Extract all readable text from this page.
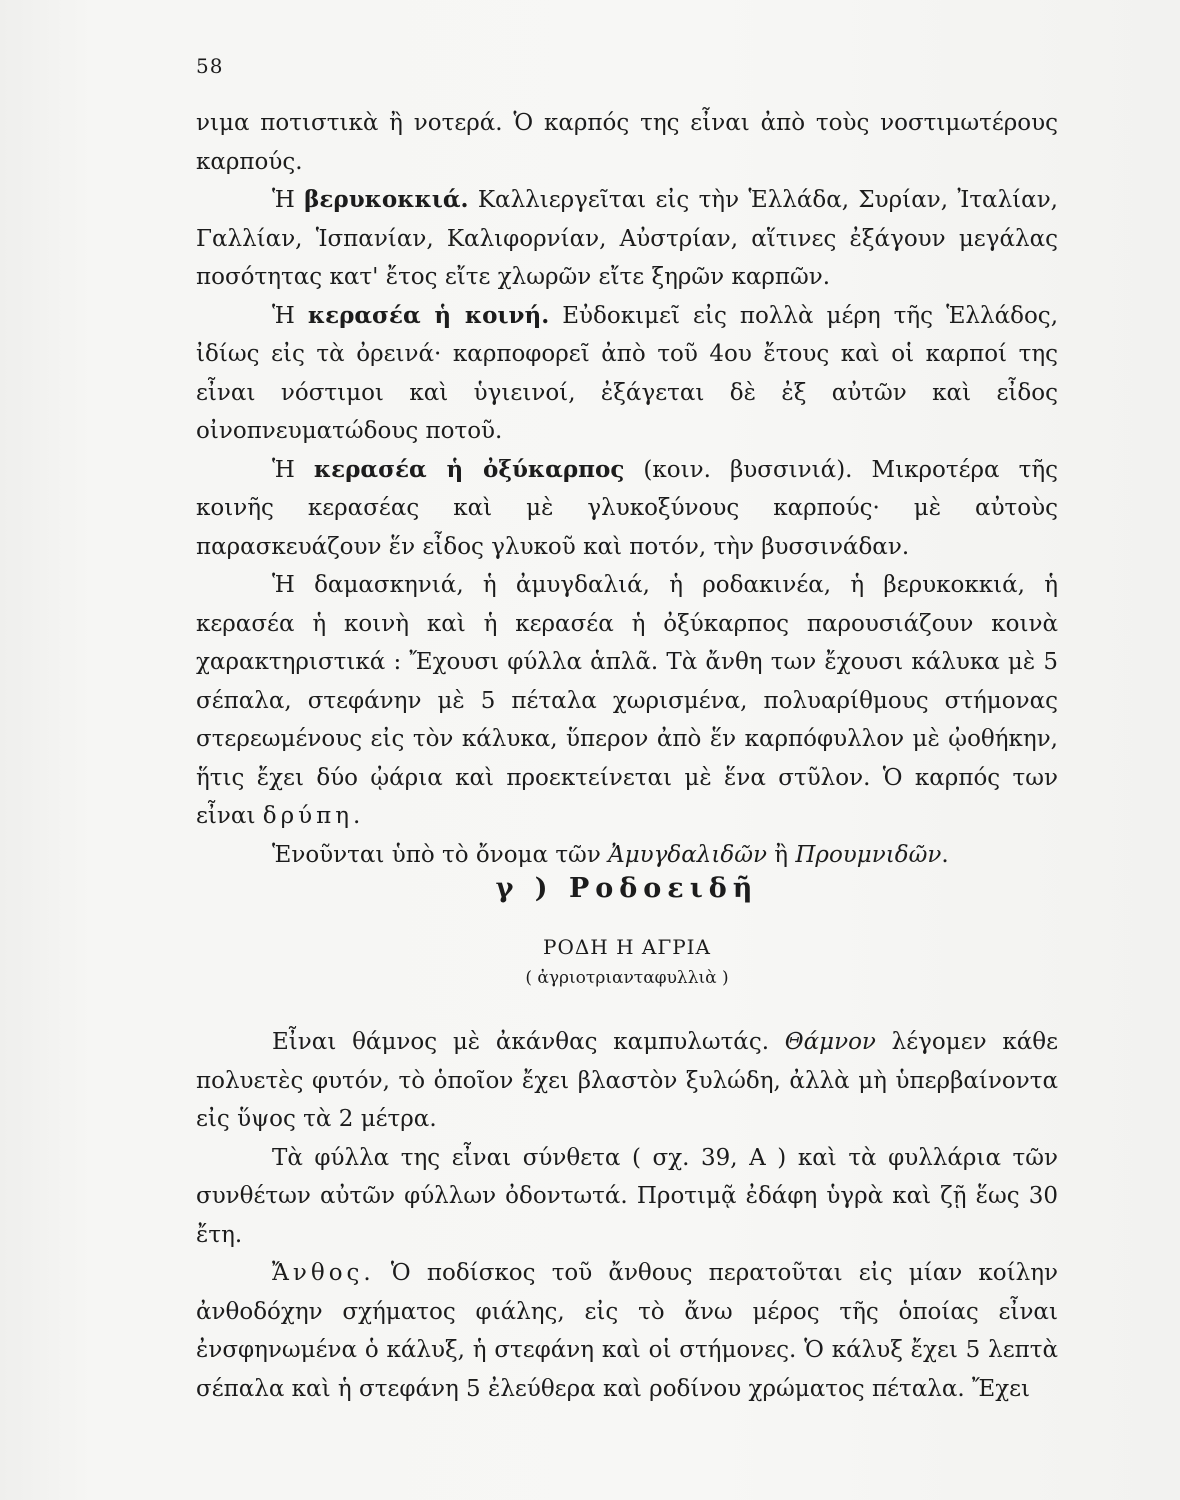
58

νιμα ποτιστικὰ ἢ νοτερά. Ὁ καρπός της εἶναι ἀπὸ τοὺς νοστιμωτέρους καρπούς.

Ἡ βερυκοκκιά. Καλλιεργεῖται εἰς τὴν Ἑλλάδα, Συρίαν, Ἰταλίαν, Γαλλίαν, Ἱσπανίαν, Καλιφορνίαν, Αὐστρίαν, αἵτινες ἐξάγουν μεγάλας ποσότητας κατ' ἔτος εἴτε χλωρῶν εἴτε ξηρῶν καρπῶν.

Ἡ κερασέα ἡ κοινή. Εὐδοκιμεῖ εἰς πολλὰ μέρη τῆς Ἑλλάδος, ἰδίως εἰς τὰ ὀρεινά· καρποφορεῖ ἀπὸ τοῦ 4ου ἔτους καὶ οἱ καρποί της εἶναι νόστιμοι καὶ ὑγιεινοί, ἐξάγεται δὲ ἐξ αὐτῶν καὶ εἶδος οἰνοπνευματώδους ποτοῦ.

Ἡ κερασέα ἡ ὀξύκαρπος (κοιν. βυσσινιά). Μικροτέρα τῆς κοινῆς κερασέας καὶ μὲ γλυκοξύνους καρπούς· μὲ αὐτοὺς παρασκευάζουν ἕν εἶδος γλυκοῦ καὶ ποτόν, τὴν βυσσινάδαν.

Ἡ δαμασκηνιά, ἡ ἀμυγδαλιά, ἡ ροδακινέα, ἡ βερυκοκκιά, ἡ κερασέα ἡ κοινὴ καὶ ἡ κερασέα ἡ ὀξύκαρπος παρουσιάζουν κοινὰ χαρακτηριστικά : Ἔχουσι φύλλα ἁπλᾶ. Τὰ ἄνθη των ἔχουσι κάλυκα μὲ 5 σέπαλα, στεφάνην μὲ 5 πέταλα χωρισμένα, πολυαρίθμους στήμονας στερεωμένους εἰς τὸν κάλυκα, ὕπερον ἀπὸ ἕν καρπόφυλλον μὲ ᾠοθήκην, ἥτις ἔχει δύο ᾠάρια καὶ προεκτείνεται μὲ ἕνα στῦλον. Ὁ καρπός των εἶναι δρύπη.

Ἑνοῦνται ὑπὸ τὸ ὄνομα τῶν Ἀμυγδαλιδῶν ἢ Προυμνιδῶν.

γ ) Ροδοειδῆ
ΡΟΔΗ Η ΑΓΡΙΑ
( ἀγριοτριανταφυλλιὰ )

Εἶναι θάμνος μὲ ἀκάνθας καμπυλωτάς. Θάμνον λέγομεν κάθε πολυετὲς φυτόν, τὸ ὁποῖον ἔχει βλαστὸν ξυλώδη, ἀλλὰ μὴ ὑπερβαίνοντα εἰς ὕψος τὰ 2 μέτρα.

Τὰ φύλλα της εἶναι σύνθετα ( σχ. 39, Α ) καὶ τὰ φυλλάρια τῶν συνθέτων αὐτῶν φύλλων ὀδοντωτά. Προτιμᾷ ἐδάφη ὑγρὰ καὶ ζῇ ἕως 30 ἔτη.

Ἄνθος. Ὁ ποδίσκος τοῦ ἄνθους περατοῦται εἰς μίαν κοίλην ἀνθοδόχην σχήματος φιάλης, εἰς τὸ ἄνω μέρος τῆς ὁποίας εἶναι ἐνσφηνωμένα ὁ κάλυξ, ἡ στεφάνη καὶ οἱ στήμονες. Ὁ κάλυξ ἔχει 5 λεπτὰ σέπαλα καὶ ἡ στεφάνη 5 ἐλεύθερα καὶ ροδίνου χρώματος πέταλα. Ἔχει
